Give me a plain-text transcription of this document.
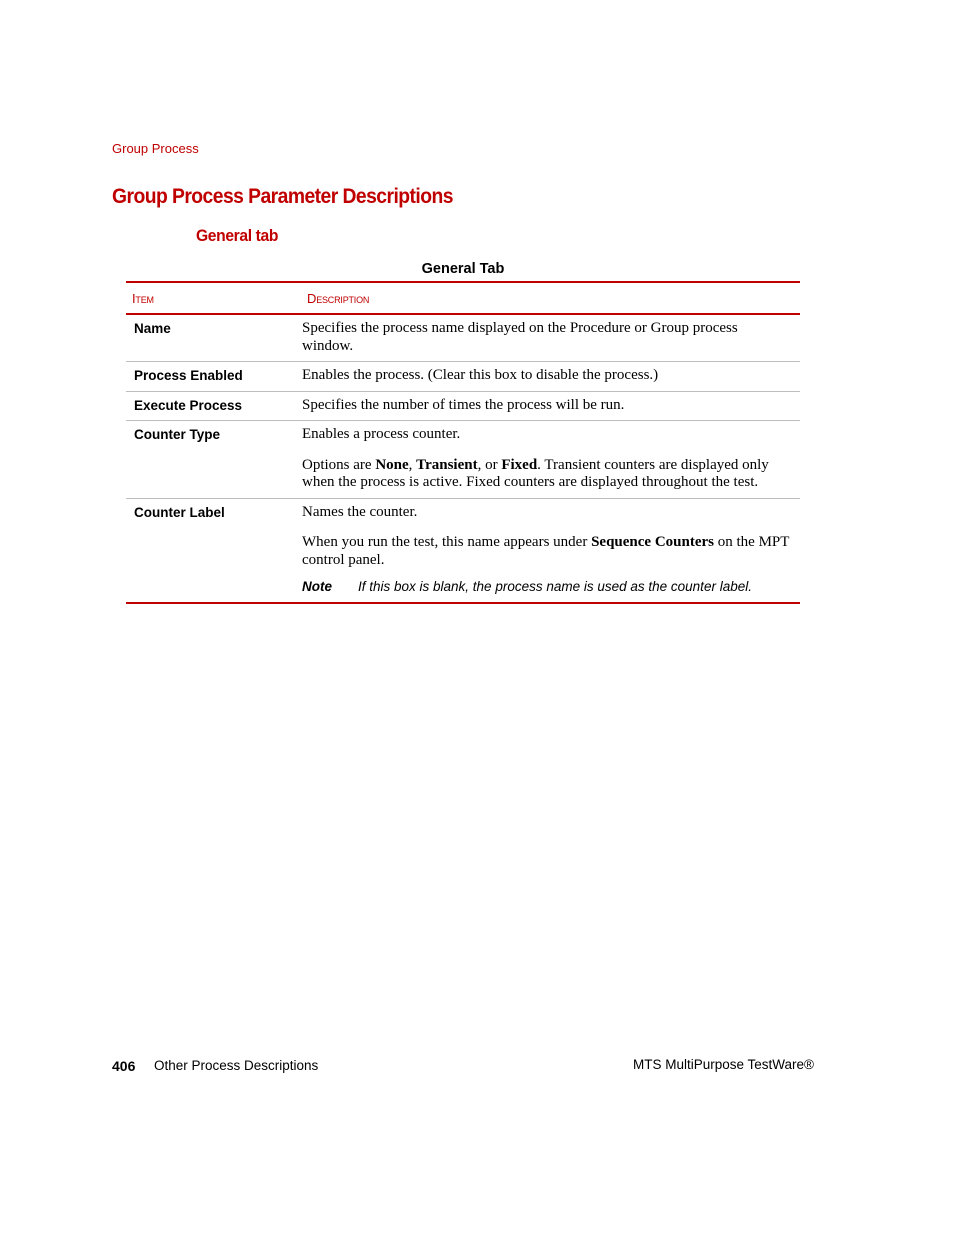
Group Process
Group Process Parameter Descriptions
General tab
General Tab
Item	Description
Name	Specifies the process name displayed on the Procedure or Group process window.

Process Enabled	Enables the process. (Clear this box to disable the process.)

Execute Process	Specifies the number of times the process will be run.

Counter Type	Enables a process counter.

Options are None, Transient, or Fixed. Transient counters are displayed only when the process is active. Fixed counters are displayed throughout the test.

Counter Label	Names the counter.

When you run the test, this name appears under Sequence Counters on the MPT control panel.

Note	If this box is blank, the process name is used as the counter label.
406 Other Process Descriptions	MTS MultiPurpose TestWare®
